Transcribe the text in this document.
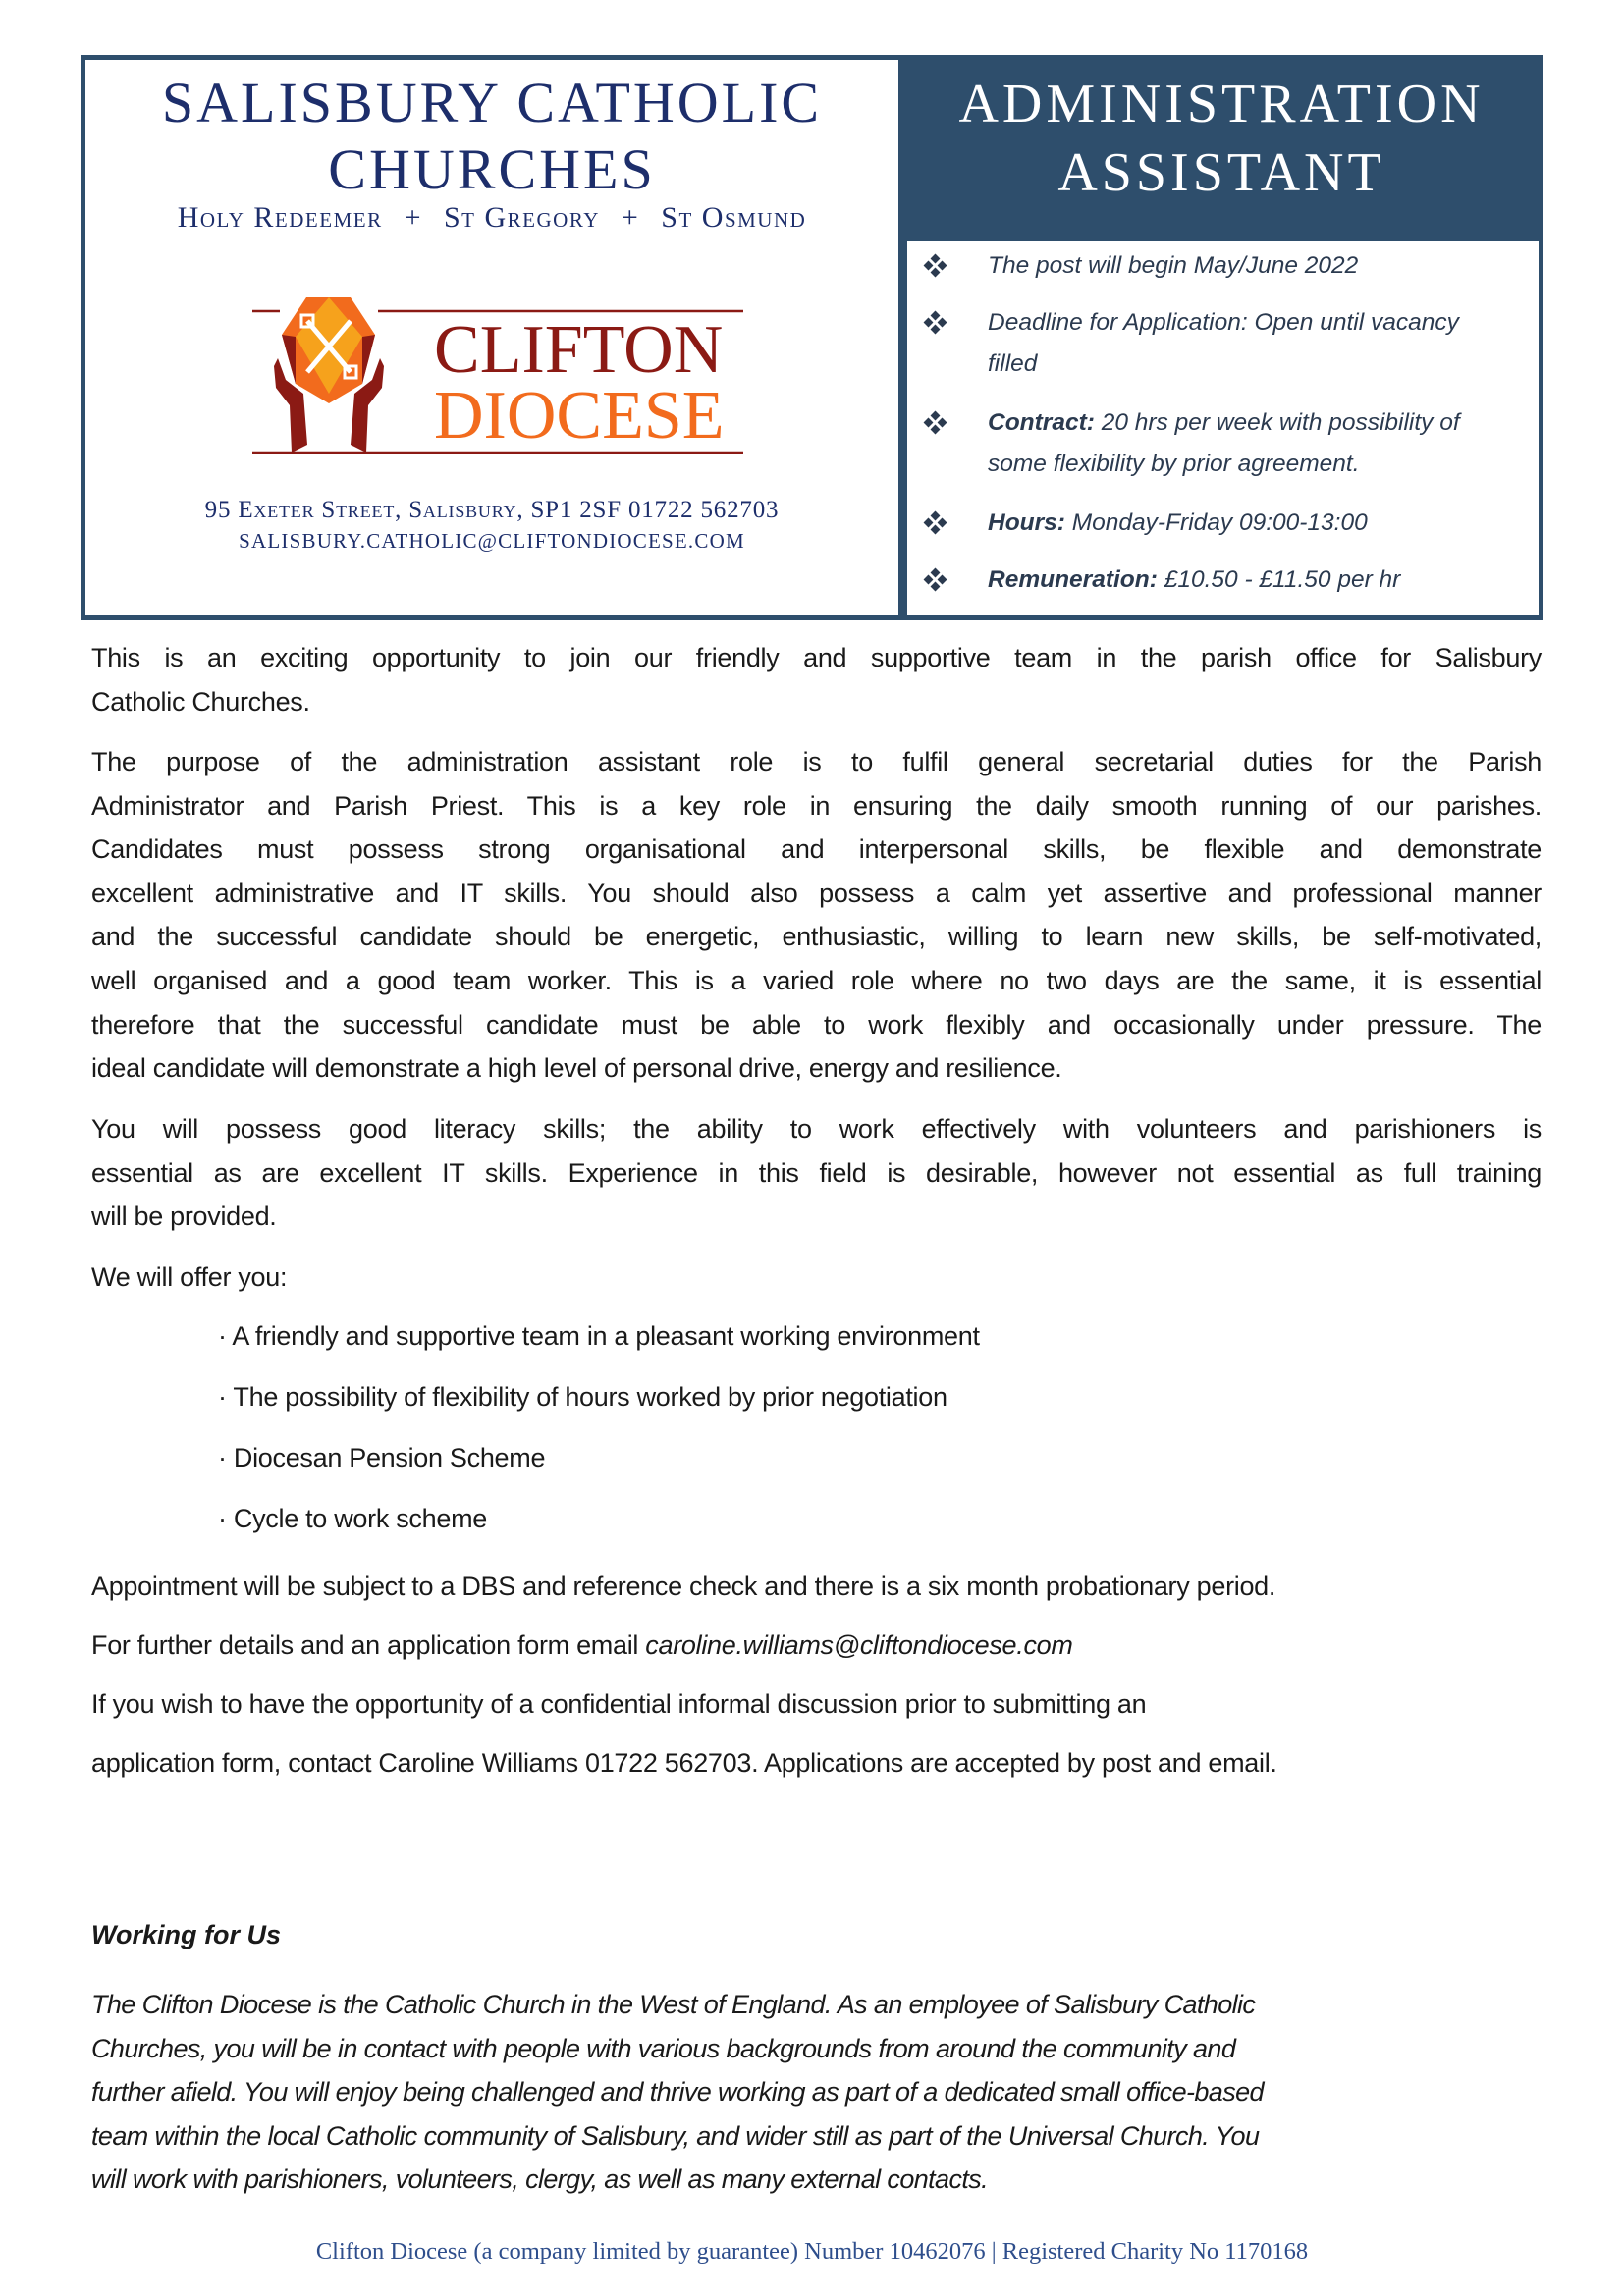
SALISBURY CATHOLIC
CHURCHES
Holy Redeemer + St Gregory + St Osmund
CLIFTON
DIOCESE
95 Exeter Street, Salisbury, SP1 2SF 01722 562703
SALISBURY.CATHOLIC@CLIFTONDIOCESE.COM
ADMINISTRATION
ASSISTANT
The post will begin May/June 2022
Deadline for Application: Open until vacancy
filled
Contract: 20 hrs per week with possibility of
some flexibility by prior agreement.
Hours: Monday-Friday 09:00-13:00
Remuneration: £10.50 - £11.50 per hr
This is an exciting opportunity to join our friendly and supportive team in the parish office for Salisbury
Catholic Churches.
The purpose of the administration assistant role is to fulfil general secretarial duties for the Parish
Administrator and Parish Priest. This is a key role in ensuring the daily smooth running of our parishes.
Candidates must possess strong organisational and interpersonal skills, be flexible and demonstrate
excellent administrative and IT skills. You should also possess a calm yet assertive and professional manner
and the successful candidate should be energetic, enthusiastic, willing to learn new skills, be self-motivated,
well organised and a good team worker. This is a varied role where no two days are the same, it is essential
therefore that the successful candidate must be able to work flexibly and occasionally under pressure. The
ideal candidate will demonstrate a high level of personal drive, energy and resilience.
You will possess good literacy skills; the ability to work effectively with volunteers and parishioners is
essential as are excellent IT skills. Experience in this field is desirable, however not essential as full training
will be provided.
We will offer you:
· A friendly and supportive team in a pleasant working environment
· The possibility of flexibility of hours worked by prior negotiation
· Diocesan Pension Scheme
· Cycle to work scheme
Appointment will be subject to a DBS and reference check and there is a six month probationary period.
For further details and an application form email caroline.williams@cliftondiocese.com
If you wish to have the opportunity of a confidential informal discussion prior to submitting an
application form, contact Caroline Williams 01722 562703. Applications are accepted by post and email.
Working for Us
The Clifton Diocese is the Catholic Church in the West of England. As an employee of Salisbury Catholic
Churches, you will be in contact with people with various backgrounds from around the community and
further afield. You will enjoy being challenged and thrive working as part of a dedicated small office-based
team within the local Catholic community of Salisbury, and wider still as part of the Universal Church. You
will work with parishioners, volunteers, clergy, as well as many external contacts.
Clifton Diocese (a company limited by guarantee) Number 10462076 | Registered Charity No 1170168
